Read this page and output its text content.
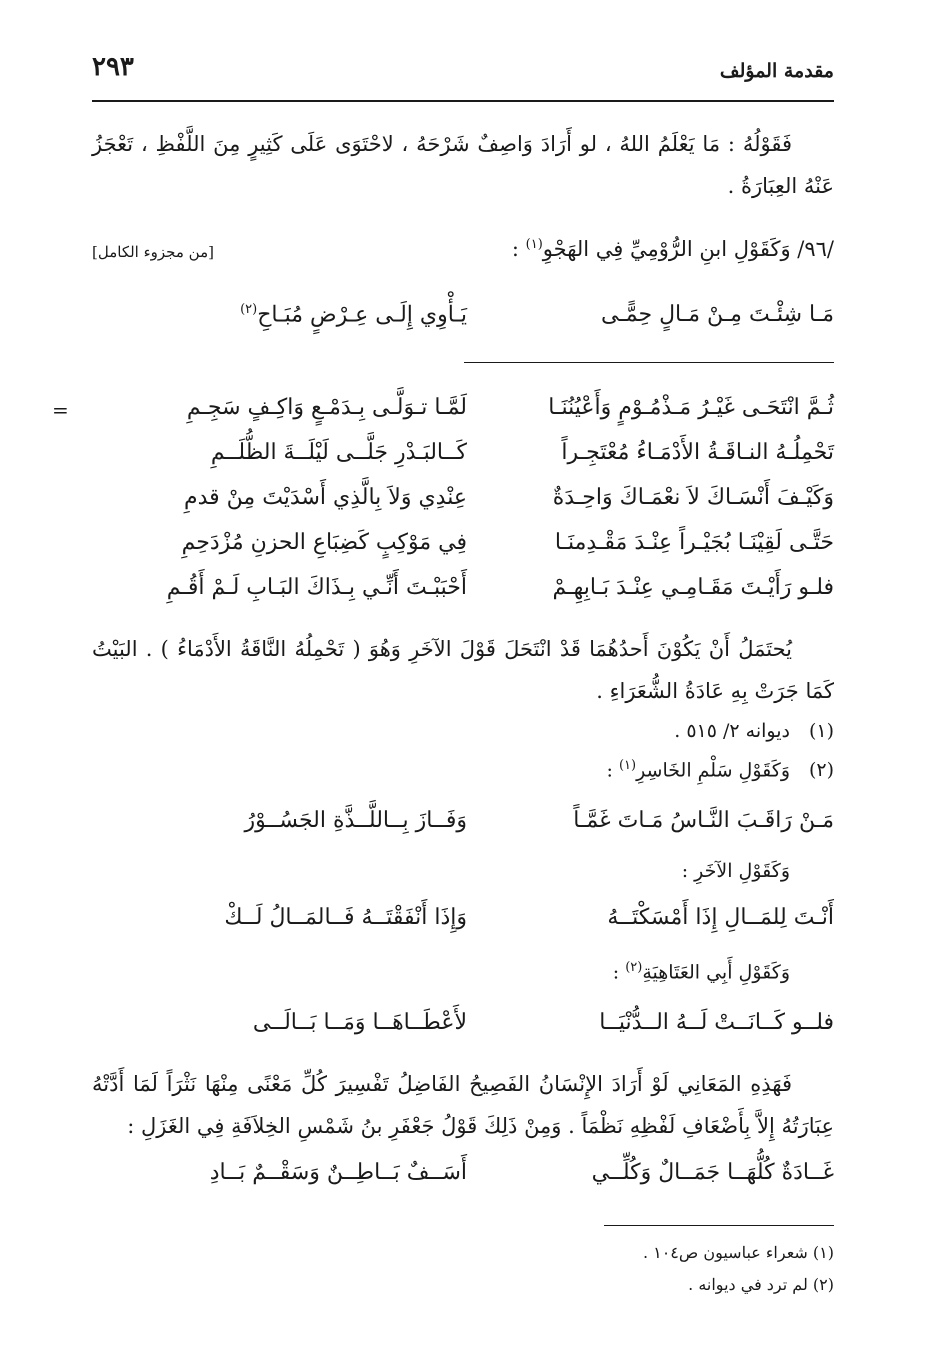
مقدمة المؤلف
٢٩٣
فَقَوْلُهُ : مَا يَعْلَمُ اللهُ ، لو أَرَادَ وَاصِفٌ شَرْحَهُ ، لاحْتَوَى عَلَى كَثِيرٍ مِنَ اللَّفْظِ ، تَعْجَزُ عَنْهُ العِبَارَةُ .
/٩٦/ وَكَقَوْلِ ابنِ الرُّوْمِيِّ فِي الهَجْوِ$^{(١)}$ :
[من مجزوء الكامل]
مَـا شِئْـتَ مِـنْ مَـالٍ حِمًّـى
يَـأْوِي إِلَـى عِـرْضٍ مُبَـاحِ$^{(٢)}$
=	ثُـمَّ انْتَحَـى غَيْـرُ مَـذْمُـوْمٍ وَأَعْيُنُنَـا
لَمَّـا تـوَلَّـى بِـدَمْـعٍ وَاكِـفٍ سَجِـمِ
تَحْمِلُـهُ النـاقَـةُ الأَدْمَـاءُ مُعْتَجِـراً
كَــالبَـدْرِ جَلَّــى لَيْلَــةَ الظُّلَــمِ
وَكَيْـفَ أَنْسَـاكَ لاَ نعْمَـاكَ وَاحِـدَةٌ
عِنْدِي وَلاَ بِالَّذِي أَسْدَيْتَ مِنْ قدمِ
حَتَّـى لَقِيْنَـا بُجَيْـراً عِنْـدَ مَقْـدِمنَـا
فِي مَوْكِبٍ كَضِبَاعِ الحزنِ مُزْدَحِمِ
فلـو رَأَيْـتَ مَقَـامِـي عِنْـدَ بَـابِهِـمْ
أَحْبَبْـتَ أَنِّـي بِـذَاكَ البَـابِ لَـمْ أَقُـمِ
يُحتَمَلُ أَنْ يَكُوْنَ أَحدُهُمَا قَدْ انْتَحَلَ قَوْلَ الآخَرِ وَهُوَ ( تَحْمِلُهُ النَّاقَةُ الأَدْمَاءُ ) . البَيْتُ كَمَا جَرَتْ بِهِ عَادَةُ الشُّعَرَاءِ .
(١)ديوانه ٢/ ٥١٥ .
(٢)وَكَقَوْلِ سَلْمِ الخَاسِرِ$^{(١)}$ :
مَـنْ رَاقَـبَ النَّـاسُ مَـاتَ غَمَّـاً
وَفَــازَ بِــاللَّــذَّةِ الجَسُــوْرُ
وَكَقَوْلِ الآخَرِ :
أَنْـتَ لِلمَــالِ إِذَا أَمْسَكْتَــهُ
وَإِذَا أَنْفَقْتَــهُ فَــالمَــالُ لَــكْ
وَكَقَوْلِ أَبِي العَتَاهِيَةِ$^{(٢)}$ :
فلــو كَــانَــتْ لَــهُ الــدُّنْيَــا
لأَعْطَــاهَــا وَمَــا بَــالَــى
فَهَذِهِ المَعَانِي لَوْ أَرَادَ الإِنْسَانُ الفَصِيحُ الفَاضِلُ تَفْسِيرَ كُلِّ مَعْنًى مِنْهَا نَثْرَاً لَمَا أَدَّتْهُ عِبَارَتُهُ إِلاَّ بِأَضْعَافِ لَفْظِهِ نَظْمَاً . وَمِنْ ذَلِكَ قَوْلُ جَعْفَرِ بنُ شَمْسِ الخِلاَفَةِ فِي الغَزَلِ :
غَــادَةٌ كُلُّهَــا جَمَــالٌ وَكُلِّــي
أَسَــفٌ بَــاطِــنٌ وَسَقْــمٌ بَــادِ
(١) شعراء عباسيون ص١٠٤ .
(٢) لم ترد في ديوانه .
